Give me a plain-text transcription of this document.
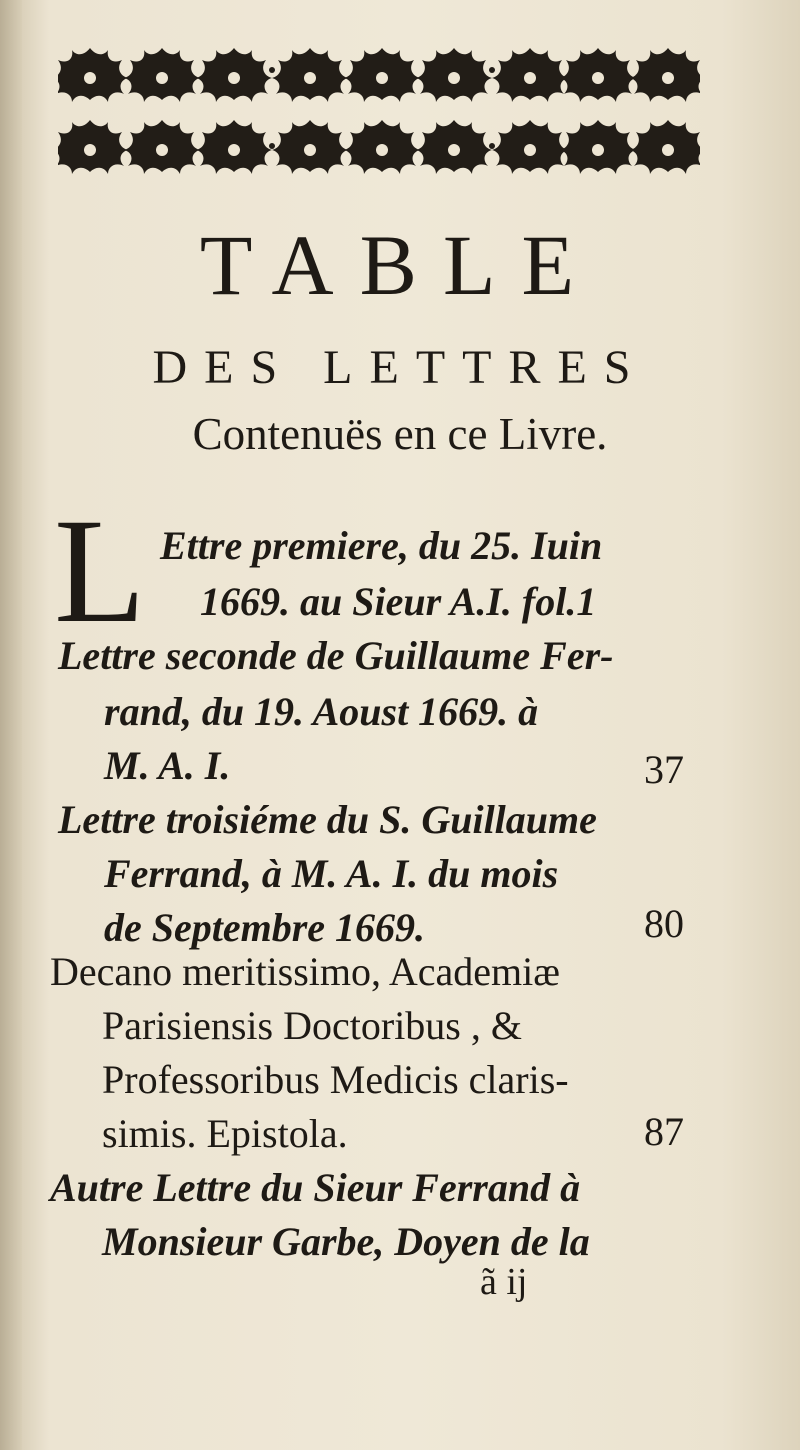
TABLE
DES LETTRES
Contenuës en ce Livre.
L Ettre premiere, du 25. Iuin
1669. au Sieur A.I. fol.1
Lettre seconde de Guillaume Fer-
rand, du 19. Aoust 1669. à
M. A. I.	37
Lettre troisiéme du S. Guillaume
Ferrand, à M. A. I. du mois
de Septembre 1669.	80
Decano meritissimo, Academiæ
Parisiensis Doctoribus , &
Professoribus Medicis claris-
simis. Epistola.	87
Autre Lettre du Sieur Ferrand à
Monsieur Garbe, Doyen de la
ã ij
